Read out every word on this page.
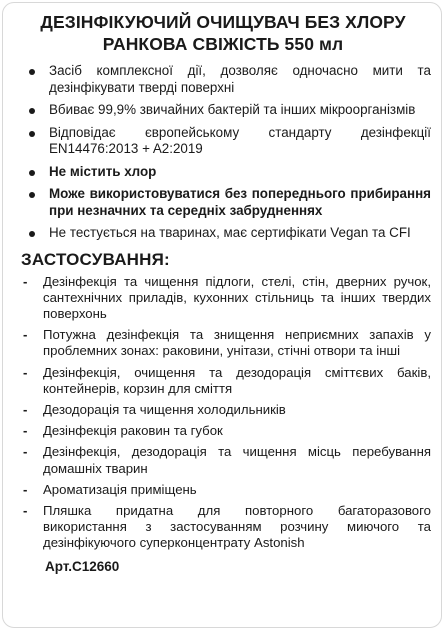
ДЕЗІНФІКУЮЧИЙ ОЧИЩУВАЧ БЕЗ ХЛОРУ
РАНКОВА СВІЖІСТЬ 550 мл
Засіб комплексної дії, дозволяє одночасно мити та дезінфікувати тверді поверхні
Вбиває 99,9% звичайних бактерій та інших мікроорганізмів
Відповідає європейському стандарту дезінфекції EN14476:2013 + A2:2019
Не містить хлор
Може використовуватися без попереднього прибирання при незначних та середніх забрудненнях
Не тестується на тваринах, має сертифікати Vegan та CFI
ЗАСТОСУВАННЯ:
- Дезінфекція та чищення підлоги, стелі, стін, дверних ручок, сантехнічних приладів, кухонних стільниць та інших твердих поверхонь
- Потужна дезінфекція та знищення неприємних запахів у проблемних зонах: раковини, унітази, стічні отвори та інші
- Дезінфекція, очищення та дезодорація сміттєвих баків, контейнерів, корзин для сміття
- Дезодорація та чищення холодильників
- Дезінфекція раковин та губок
- Дезінфекція, дезодорація та чищення місць перебування домашніх тварин
- Ароматизація приміщень
- Пляшка придатна для повторного багаторазового використання з застосуванням розчину миючого та дезінфікуючого суперконцентрату Astonish
Арт.С12660
